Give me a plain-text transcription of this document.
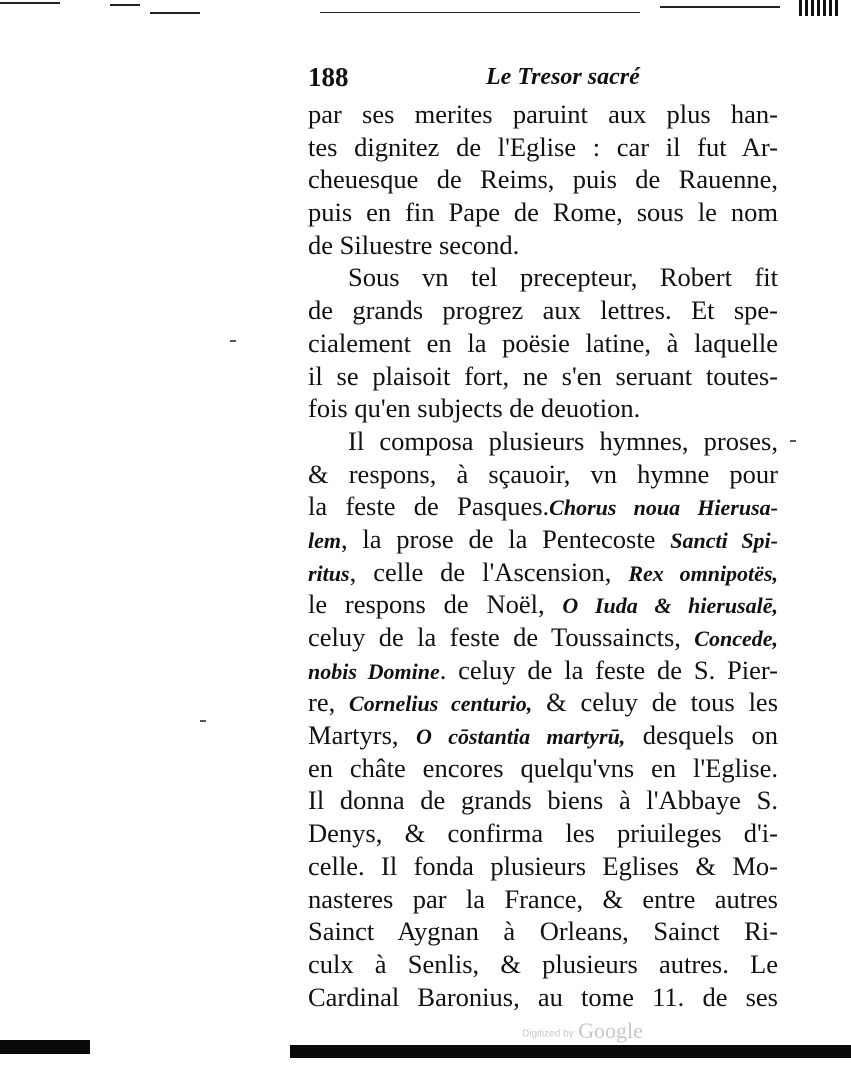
188	Le Tresor sacré
par ses merites paruint aux plus han-
tes dignitez de l'Eglise : car il fut Ar-
cheuesque de Reims, puis de Rauenne,
puis en fin Pape de Rome, sous le nom
de Siluestre second.
Sous vn tel precepteur, Robert fit
de grands progrez aux lettres. Et spe-
cialement en la poësie latine, à laquelle
il se plaisoit fort, ne s'en seruant toutes-
fois qu'en subjects de deuotion.
Il composa plusieurs hymnes, proses,
& respons, à sçauoir, vn hymne pour
la feste de Pasques.Chorus noua Hierusa-
lem, la prose de la Pentecoste Sancti Spi-
ritus, celle de l'Ascension, Rex omnipotës,
le respons de Noël, O Iuda & hierusalē,
celuy de la feste de Toussaincts, Concede,
nobis Domine. celuy de la feste de S. Pier-
re, Cornelius centurio, & celuy de tous les
Martyrs, O cōstantia martyrū, desquels on
en châte encores quelqu'vns en l'Eglise.
Il donna de grands biens à l'Abbaye S.
Denys, & confirma les priuileges d'i-
celle. Il fonda plusieurs Eglises & Mo-
nasteres par la France, & entre autres
Sainct Aygnan à Orleans, Sainct Ri-
culx à Senlis, & plusieurs autres. Le
Cardinal Baronius, au tome 11. de ses
Digitized by Google
